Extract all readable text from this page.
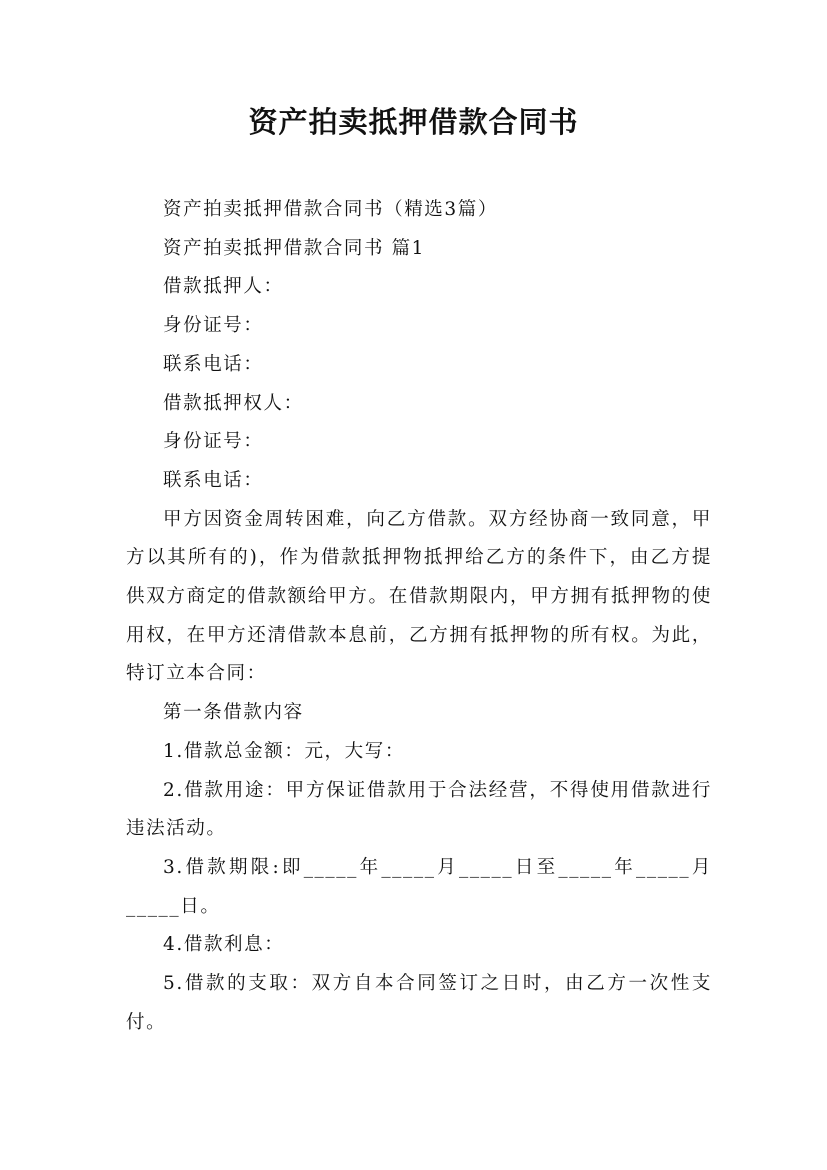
资产拍卖抵押借款合同书

资产拍卖抵押借款合同书（精选3篇）

资产拍卖抵押借款合同书 篇1

借款抵押人：

身份证号：

联系电话：

借款抵押权人：

身份证号：

联系电话：

甲方因资金周转困难，向乙方借款。双方经协商一致同意，甲方以其所有的)，作为借款抵押物抵押给乙方的条件下，由乙方提供双方商定的借款额给甲方。在借款期限内，甲方拥有抵押物的使用权，在甲方还清借款本息前，乙方拥有抵押物的所有权。为此，特订立本合同：

第一条借款内容

1.借款总金额：元，大写：

2.借款用途：甲方保证借款用于合法经营，不得使用借款进行违法活动。

3.借款期限:即_____年_____月_____日至_____年_____月_____日。

4.借款利息：

5.借款的支取：双方自本合同签订之日时，由乙方一次性支付。
